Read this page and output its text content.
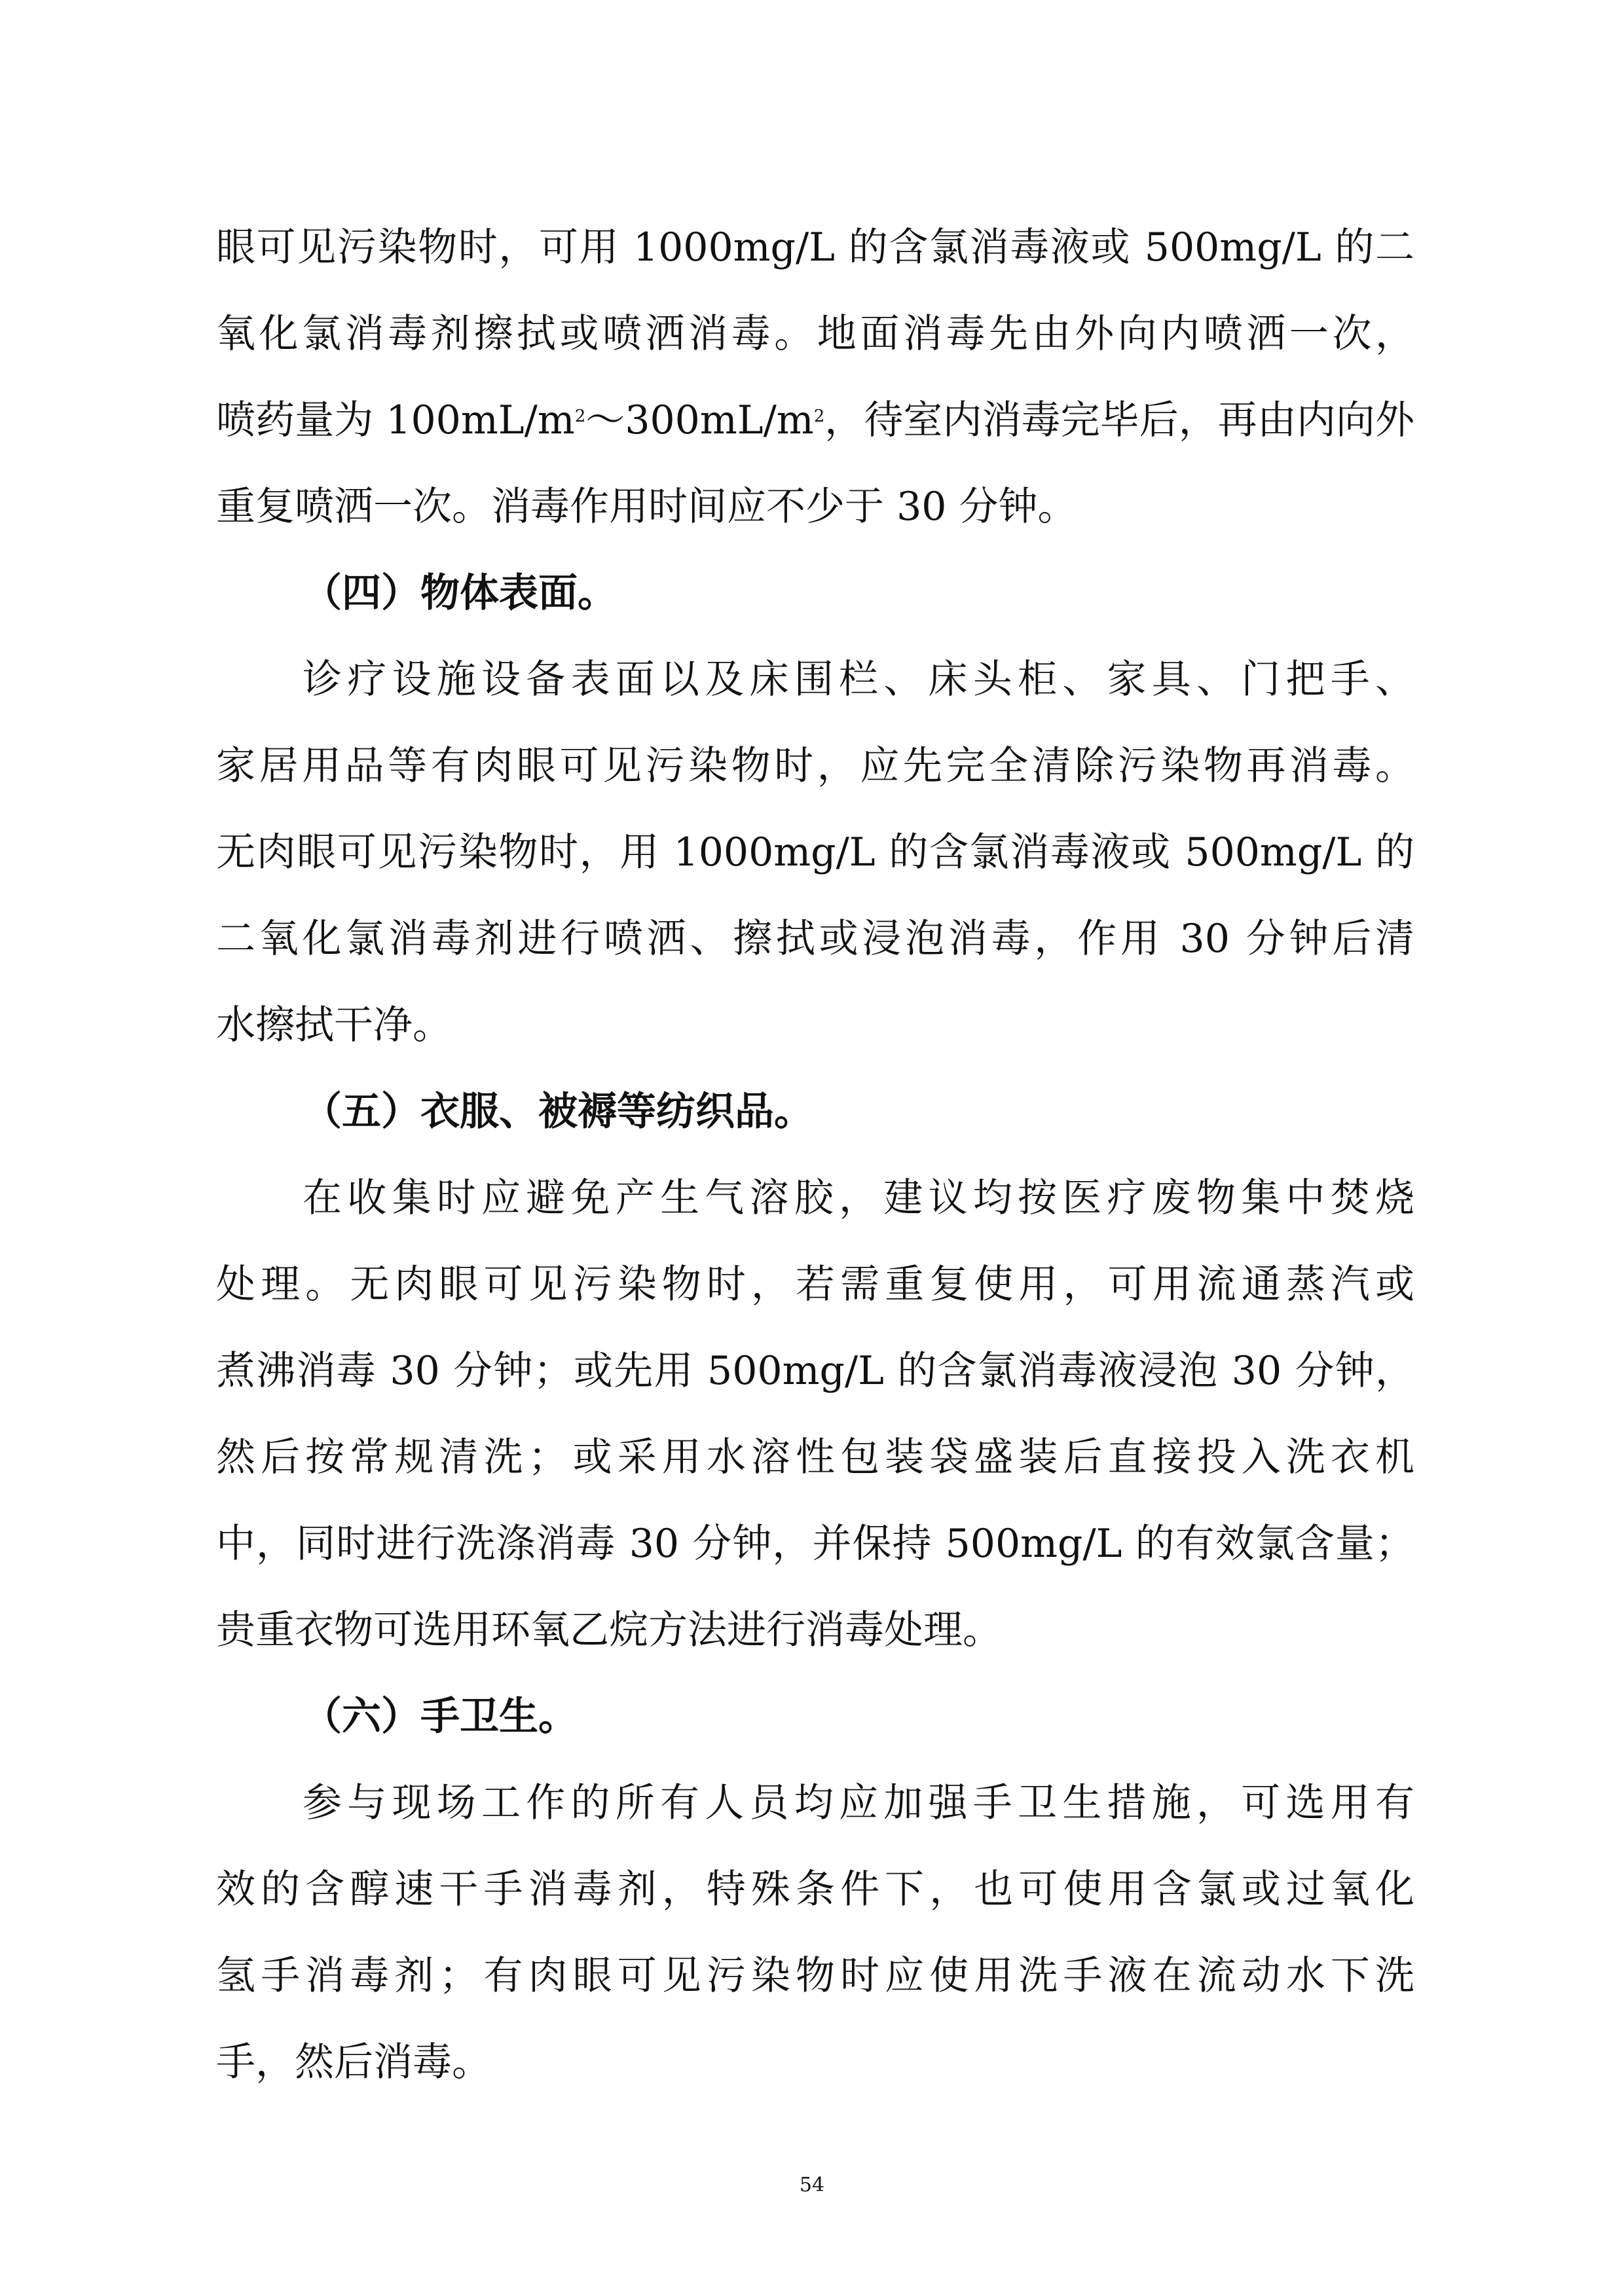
眼可见污染物时，可用 1000mg/L 的含氯消毒液或 500mg/L 的二
氧化氯消毒剂擦拭或喷洒消毒。地面消毒先由外向内喷洒一次，
喷药量为 $100mL/m^2\sim 300mL/m^2$，待室内消毒完毕后，再由内向外
重复喷洒一次。消毒作用时间应不少于 30 分钟。
（四）物体表面。
诊疗设施设备表面以及床围栏、床头柜、家具、门把手、
家居用品等有肉眼可见污染物时，应先完全清除污染物再消毒。
无肉眼可见污染物时，用 1000mg/L 的含氯消毒液或 500mg/L 的
二氧化氯消毒剂进行喷洒、擦拭或浸泡消毒，作用 30 分钟后清
水擦拭干净。
（五）衣服、被褥等纺织品。
在收集时应避免产生气溶胶，建议均按医疗废物集中焚烧
处理。无肉眼可见污染物时，若需重复使用，可用流通蒸汽或
煮沸消毒 30 分钟；或先用 500mg/L 的含氯消毒液浸泡 30 分钟，
然后按常规清洗；或采用水溶性包装袋盛装后直接投入洗衣机
中，同时进行洗涤消毒 30 分钟，并保持 500mg/L 的有效氯含量；
贵重衣物可选用环氧乙烷方法进行消毒处理。
（六）手卫生。
参与现场工作的所有人员均应加强手卫生措施，可选用有
效的含醇速干手消毒剂，特殊条件下，也可使用含氯或过氧化
氢手消毒剂；有肉眼可见污染物时应使用洗手液在流动水下洗
手，然后消毒。
54
